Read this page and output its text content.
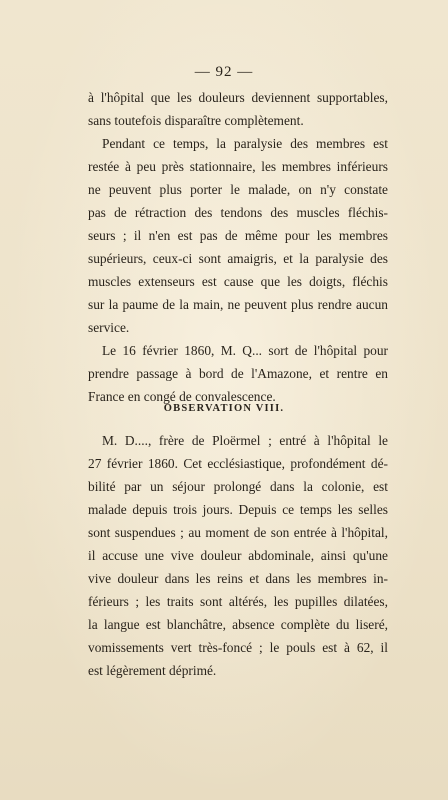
— 92 —
à l'hôpital que les douleurs deviennent supportables,
sans toutefois disparaître complètement.
Pendant ce temps, la paralysie des membres est
restée à peu près stationnaire, les membres inférieurs
ne peuvent plus porter le malade, on n'y constate
pas de rétraction des tendons des muscles fléchis-
seurs ; il n'en est pas de même pour les membres
supérieurs, ceux-ci sont amaigris, et la paralysie des
muscles extenseurs est cause que les doigts, fléchis
sur la paume de la main, ne peuvent plus rendre aucun
service.
Le 16 février 1860, M. Q... sort de l'hôpital pour
prendre passage à bord de l'Amazone, et rentre en
France en congé de convalescence.
OBSERVATION VIII.
M. D...., frère de Ploërmel ; entré à l'hôpital le
27 février 1860. Cet ecclésiastique, profondément dé-
bilité par un séjour prolongé dans la colonie, est
malade depuis trois jours. Depuis ce temps les selles
sont suspendues ; au moment de son entrée à l'hôpital,
il accuse une vive douleur abdominale, ainsi qu'une
vive douleur dans les reins et dans les membres in-
férieurs ; les traits sont altérés, les pupilles dilatées,
la langue est blanchâtre, absence complète du liseré,
vomissements vert très-foncé ; le pouls est à 62, il
est légèrement déprimé.
